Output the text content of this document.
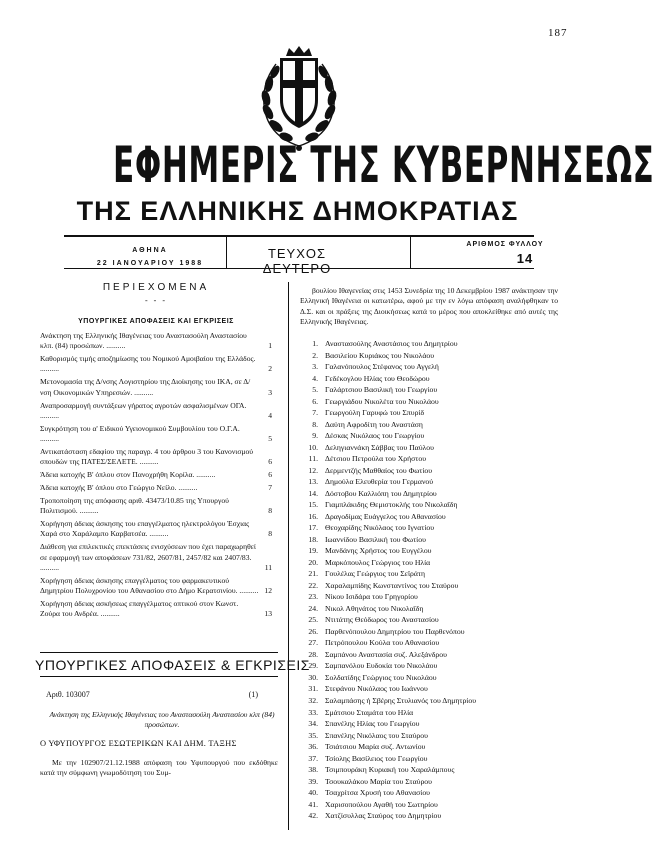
187
ΕΦΗΜΕΡΙΣ ΤΗΣ ΚΥΒΕΡΝΗΣΕΩΣ
ΤΗΣ ΕΛΛΗΝΙΚΗΣ ΔΗΜΟΚΡΑΤΙΑΣ
ΑΘΗΝΑ
22 ΙΑΝΟΥΑΡΙΟΥ 1988
ΤΕΥΧΟΣ ΔΕΥΤΕΡΟ
ΑΡΙΘΜΟΣ ΦΥΛΛΟΥ
14
ΠΕΡΙΕΧΟΜΕΝΑ
- - -
ΥΠΟΥΡΓΙΚΕΣ ΑΠΟΦΑΣΕΙΣ ΚΑΙ ΕΓΚΡΙΣΕΙΣ
Ανάκτηση της Ελληνικής Ιθαγένειας του Αναστασούλη Αναστασίου κλπ. (84) προσώπων. ..........	1
Καθορισμός τιμής αποζημίωσης του Νομικού Αμοιβαίου της Ελλάδος. ..........	2
Μετονομασία της Δ/νσης Λογιστηρίου της Διοίκησης του ΙΚΑ, σε Δ/νση Οικονομικών Υπηρεσιών. ..........	3
Αναπροσαρμογή συντάξεων γήρατος αγροτών ασφαλισμένων ΟΓΑ. ..........	4
Συγκρότηση του α' Ειδικού Υγειονομικού Συμβουλίου του Ο.Γ.Α. ..........	5
Αντικατάσταση εδαφίου της παραγρ. 4 του άρθρου 3 του Κανονισμού σπουδών της ΠΑΤΕΣ/ΣΕΛΕΤΕ. ..........	6
Άδεια κατοχής Β' όπλου στον Πανοχρήθη Κορίλα. ..........	6
Άδεια κατοχής Β' όπλου στο Γεώργιο Νείλο. ..........	7
Τροποποίηση της απόφασης αριθ. 43473/10.85 της Υπουργού Πολιτισμού. ..........	8
Χορήγηση άδειας άσκησης του επαγγέλματος ηλεκτρολόγου Έσχιας Χαρά στο Χαράλαμπο Καρβατσέα. ..........	8
Διάθεση για επιλεκτικές επεκτάσεις ενισχύσεων που έχει παραχωρηθεί σε εφαρμογή των αποφάσεων 731/82, 2607/81, 2457/82 και 2407/83. ..........	11
Χορήγηση άδειας άσκησης επαγγέλματος του φαρμακευτικού Δημητρίου Πολυχρονίου του Αθανασίου στο Δήμο Κερατσινίου. .......... 12
Χορήγηση άδειας ασκήσεως επαγγέλματος οπτικού στον Κωνστ. Ζούρα του Ανδρέα. ..........	13
ΥΠΟΥΡΓΙΚΕΣ ΑΠΟΦΑΣΕΙΣ & ΕΓΚΡΙΣΕΙΣ
Αριθ. 103007	(1)
Ανάκτηση της Ελληνικής Ιθαγένειας του Αναστασούλη Αναστασίου κλπ (84) προσώπων.
Ο ΥΦΥΠΟΥΡΓΟΣ ΕΣΩΤΕΡΙΚΩΝ ΚΑΙ ΔΗΜ. ΤΑΞΗΣ
Με την 102907/21.12.1988 απόφαση του Υφυπουργού που εκδόθηκε κατά την σύμφωνη γνωμοδότηση του Συμ-
βουλίου Ιθαγενείας στις 1453 Συνεδρία της 10 Δεκεμβρίου 1987 ανάκτησαν την Ελληνική Ιθαγένεια οι κατωτέρω, αφού με την εν λόγω απόφαση αναλήφθηκαν το Δ.Σ. και οι πράξεις της Διοικήσεως κατά το μέρος που αποκλείθηκε από αυτές της Ελληνικής Ιθαγένειας.
1. Αναστασούλης Αναστάσιος του Δημητρίου
2. Βασιλείου Κυριάκος του Νικολάου
3. Γαλανόπουλος Στέφανος του Αγγελή
4. Γεδέκογλου Ηλίας του Θεοδώρου
5. Γαλάρτσιου Βασιλική του Γεωργίου
6. Γεωργιάδου Νικολέτα του Νικολάου
7. Γεωργούλη Γαρυφώ του Σπυρίδ
8. Δαύτη Αφροδίτη του Αναστάση
9. Δέσκας Νικόλαος του Γεωργίου
10. Δεληγιαννάκη Σάββας του Παύλου
11. Δέτσιου Πετρούλα του Χρήστου
12. Δερμεντζής Μαθθαίος του Φωτίου
13. Δημούλα Ελευθερία του Γερμανού
14. Δόστοβου Καλλιόπη του Δημητρίου
15. Γιαμπλάκιδης Θεμιστοκλής του Νικολαΐδη
16. Δραγοδίμας Ευάγγελος του Αθανασίου
17. Θεοχαρίδης Νικόλαος του Ιγνατίου
18. Ιωαννίδου Βασιλική του Φωτίου
19. Μανδάνης Χρήστος του Ευγγέλου
20. Μαρκόπουλος Γεώργιος του Ηλία
21. Γουλέλας Γεώργιος του Σεϊράτη
22. Χαραλαμπίδης Κωνσταντίνος του Σταύρου
23. Νίκου Ισιδάρα του Γρηγορίου
24. Νικολ Αθηνάτος του Νικολαΐδη
25. Ντιτάτης Θεόδωρος του Αναστασίου
26. Παρθενόπουλου Δημητρίου του Παρθενόπου
27. Πετρόπουλου Κούλα του Αθανασίου
28. Σαμπάνου Αναστασία συζ. Αλεξάνδρου
29. Σαμπανόλου Ευδοκία του Νικολάου
30. Σολδατίδης Γεώργιος του Νικολάου
31. Στεφάνου Νικόλαος του Ιωάννου
32. Σαλαμπάσης ή Σβέρης Στυλιανός του Δημητρίου
33. Σμάτσιου Σταμάτα του Ηλία
34. Σπανέλης Ηλίας του Γεωργίου
35. Σπανέλης Νικόλαος του Σταύρου
36. Τσιάτσιου Μαρία συζ. Αντωνίου
37. Τσίολης Βασίλειος του Γεωργίου
38. Τσιμπουράκη Κυριακή του Χαραλάμπους
39. Τσουκαλάκου Μαρία του Σταύρου
40. Τσαχρίτσα Χρυσή του Αθανασίου
41. Χαρισοπούλου Αγαθή του Σωτηρίου
42. Χατζίσυλλας Σταύρος του Δημητρίου
